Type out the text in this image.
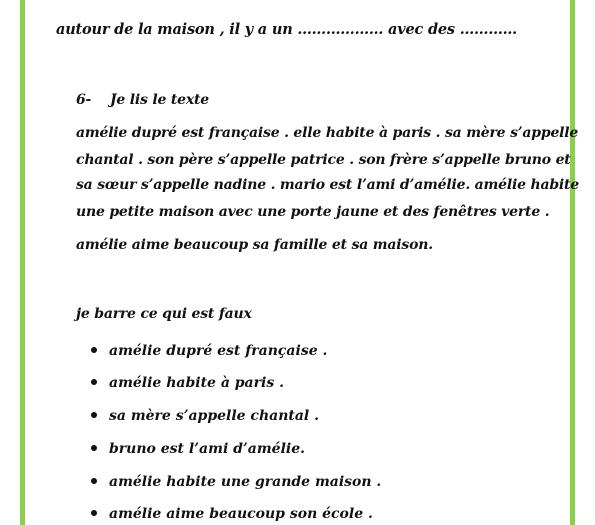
autour de la maison , il y a un ……………… avec des …………
6- Je lis le texte
amélie dupré est française . elle habite à paris . sa mère s’appelle
chantal . son père s’appelle patrice . son frère s’appelle bruno et
sa sœur s’appelle nadine . mario est l’ami d’amélie. amélie habite
une petite maison avec une porte jaune et des fenêtres verte .
amélie aime beaucoup sa famille et sa maison.
je barre ce qui est faux
amélie dupré est française .
amélie habite à paris .
sa mère s’appelle chantal .
bruno est l’ami d’amélie.
amélie habite une grande maison .
amélie aime beaucoup son école .
